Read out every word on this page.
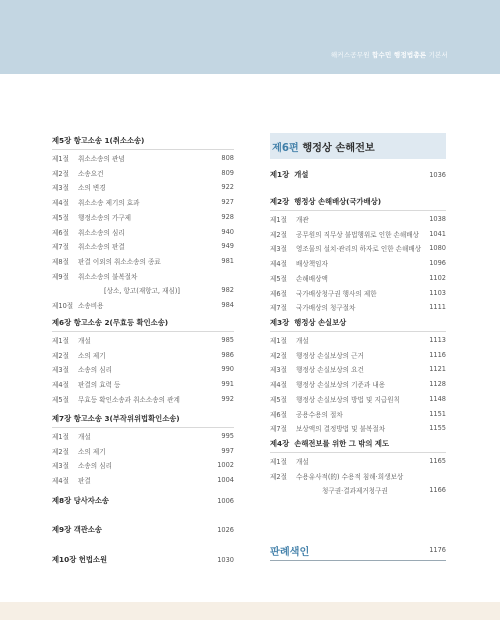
해커스공무원 합수민 행정법총론 기본서
제5장 항고소송 1(취소소송)
제1절	취소소송의 관념	808
제2절	소송요건	809
제3절	소의 변경	922
제4절	취소소송 제기의 효과	927
제5절	행정소송의 가구제	928
제6절	취소소송의 심리	940
제7절	취소소송의 판결	949
제8절	판결 이외의 취소소송의 종료	981
제9절	취소소송의 불복절차
[상소, 항고(재항고, 재심)]	982
제10절 소송비용	984
제6장 항고소송 2(무효등 확인소송)
제1절	개설	985
제2절	소의 제기	986
제3절	소송의 심리	990
제4절	판결의 효력 등	991
제5절	무효등 확인소송과 취소소송의 관계	992
제7장 항고소송 3(부작위위법확인소송)
제1절	개설	995
제2절	소의 제기	997
제3절	소송의 심리	1002
제4절	판결	1004
제8장 당사자소송	1006
제9장 객관소송	1026
제10장 헌법소원	1030
제6편 행정상 손해전보
제1장 개설	1036
제2장 행정상 손해배상(국가배상)
제1절	개관	1038
제2절	공무원의 직무상 불법행위로 인한 손해배상	1041
제3절	영조물의 설치·관리의 하자로 인한 손해배상	1080
제4절	배상책임자	1096
제5절	손해배상액	1102
제6절	국가배상청구권 행사의 제한	1103
제7절	국가배상의 청구절차	1111
제3장 행정상 손실보상
제1절	개설	1113
제2절	행정상 손실보상의 근거	1116
제3절	행정상 손실보상의 요건	1121
제4절	행정상 손실보상의 기준과 내용	1128
제5절	행정상 손실보상의 방법 및 지급원칙	1148
제6절	공용수용의 절차	1151
제7절	보상액의 결정방법 및 불복절차	1155
제4장 손해전보를 위한 그 밖의 제도
제1절	개설	1165
제2절	수용유사적(的) 수용적 침해·희생보상
청구권·결과제거청구권	1166
판례색인	1176
